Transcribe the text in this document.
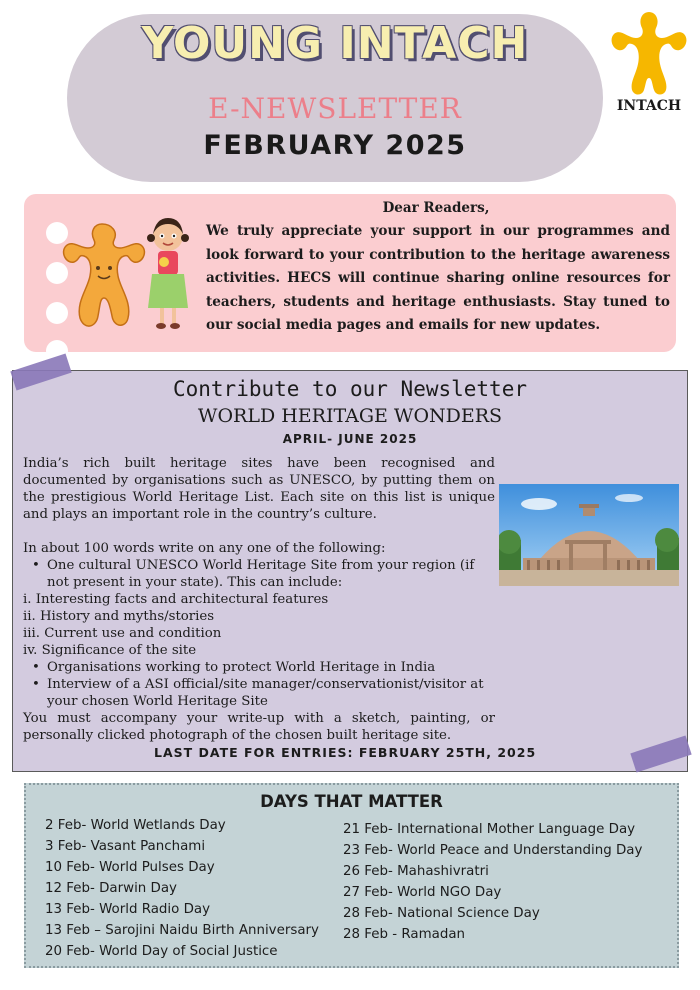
YOUNG INTACH
E-NEWSLETTER
FEBRUARY 2025
INTACH
Dear Readers,
We truly appreciate your support in our programmes and look forward to your contribution to the heritage awareness activities. HECS will continue sharing online resources for teachers, students and heritage enthusiasts. Stay tuned to our social media pages and emails for new updates.
Contribute to our Newsletter
WORLD HERITAGE WONDERS
APRIL- JUNE 2025

India’s rich built heritage sites have been recognised and documented by organisations such as UNESCO, by putting them on the prestigious World Heritage List. Each site on this list is unique and plays an important role in the country’s culture.

In about 100 words write on any one of the following:

• One cultural UNESCO World Heritage Site from your region (if not present in your state). This can include:
i. Interesting facts and architectural features
ii. History and myths/stories
iii. Current use and condition
iv. Significance of the site
• Organisations working to protect World Heritage in India
• Interview of a ASI official/site manager/conservationist/visitor at your chosen World Heritage Site

You must accompany your write-up with a sketch, painting, or personally clicked photograph of the chosen built heritage site.

LAST DATE FOR ENTRIES: FEBRUARY 25TH, 2025
DAYS THAT MATTER
2 Feb- World Wetlands Day
3 Feb- Vasant Panchami
10 Feb- World Pulses Day
12 Feb- Darwin Day
13 Feb- World Radio Day
13 Feb – Sarojini Naidu Birth Anniversary
20 Feb- World Day of Social Justice
21 Feb- International Mother Language Day
23 Feb- World Peace and Understanding Day
26 Feb- Mahashivratri
27 Feb- World NGO Day
28 Feb- National Science Day
28 Feb - Ramadan
